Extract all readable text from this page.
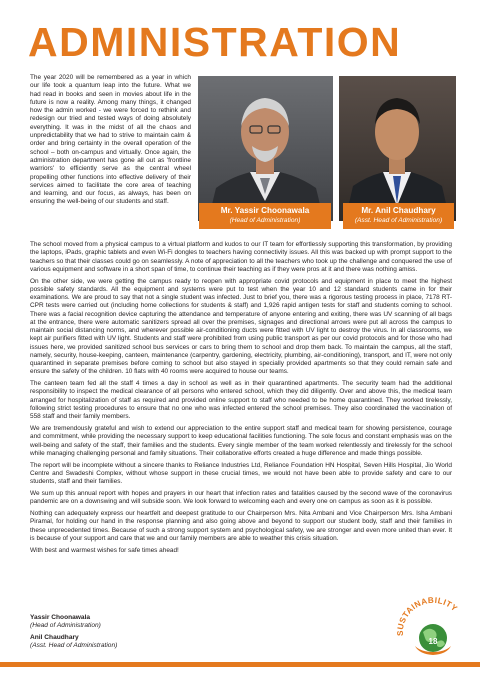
ADMINISTRATION
The year 2020 will be remembered as a year in which our life took a quantum leap into the future. What we had read in books and seen in movies about life in the future is now a reality. Among many things, it changed how the admin worked - we were forced to rethink and redesign our tried and tested ways of doing absolutely everything. It was in the midst of all the chaos and unpredictability that we had to strive to maintain calm & order and bring certainty in the overall operation of the school – both on-campus and virtually. Once again, the administration department has gone all out as 'frontline warriors' to efficiently serve as the central wheel propelling other functions into effective delivery of their services aimed to facilitate the core area of teaching and learning, and our focus, as always, has been on ensuring the well-being of our students and staff.
Mr. Yassir Choonawala
(Head of Administration)
Mr. Anil Chaudhary
(Asst. Head of Administration)

The school moved from a physical campus to a virtual platform and kudos to our IT team for effortlessly supporting this transformation, by providing the laptops, iPads, graphic tablets and even Wi-Fi dongles to teachers having connectivity issues. All this was backed up with prompt support to the teachers so that their classes could go on seamlessly. A note of appreciation to all the teachers who took up the challenge and conquered the use of various equipment and software in a short span of time, to continue their teaching as if they were pros at it and there was nothing amiss.

On the other side, we were getting the campus ready to reopen with appropriate covid protocols and equipment in place to meet the highest possible safety standards. All the equipment and systems were put to test when the year 10 and 12 standard students came in for their examinations. We are proud to say that not a single student was infected. Just to brief you, there was a rigorous testing process in place, 7178 RT-CPR tests were carried out (including home collections for students & staff) and 1,926 rapid antigen tests for staff and students coming to school. There was a facial recognition device capturing the attendance and temperature of anyone entering and exiting, there was UV scanning of all bags at the entrance, there were automatic sanitizers spread all over the premises, signages and directional arrows were put all across the campus to maintain social distancing norms, and wherever possible air-conditioning ducts were fitted with UV light to destroy the virus. In all classrooms, we kept air purifiers fitted with UV light. Students and staff were prohibited from using public transport as per our covid protocols and for those who had issues here, we provided sanitized school bus services or cars to bring them to school and drop them back. To maintain the campus, all the staff, namely, security, house-keeping, canteen, maintenance (carpentry, gardening, electricity, plumbing, air-conditioning), transport, and IT, were not only quarantined in separate premises before coming to school but also stayed in specially provided apartments so that they could remain safe and ensure the safety of the children. 10 flats with 40 rooms were acquired to house our teams.

The canteen team fed all the staff 4 times a day in school as well as in their quarantined apartments. The security team had the additional responsibility to inspect the medical clearance of all persons who entered school, which they did diligently. Over and above this, the medical team arranged for hospitalization of staff as required and provided online support to staff who needed to be home quarantined. They worked tirelessly, following strict testing procedures to ensure that no one who was infected entered the school premises. They also coordinated the vaccination of 558 staff and their family members.

We are tremendously grateful and wish to extend our appreciation to the entire support staff and medical team for showing persistence, courage and commitment, while providing the necessary support to keep educational facilities functioning. The sole focus and constant emphasis was on the well-being and safety of the staff, their families and the students. Every single member of the team worked relentlessly and tirelessly for the school while managing challenging personal and family situations. Their collaborative efforts created a huge difference and made things possible.

The report will be incomplete without a sincere thanks to Reliance Industries Ltd, Reliance Foundation HN Hospital, Seven Hills Hospital, Jio World Centre and Swadeshi Complex, without whose support in these crucial times, we would not have been able to provide safety and care to our students, staff and their families.

We sum up this annual report with hopes and prayers in our heart that infection rates and fatalities caused by the second wave of the coronavirus pandemic are on a downswing and will subside soon. We look forward to welcoming each and every one on campus as soon as it is possible.

Nothing can adequately express our heartfelt and deepest gratitude to our Chairperson Mrs. Nita Ambani and Vice Chairperson Mrs. Isha Ambani Piramal, for holding our hand in the response planning and also going above and beyond to support our student body, staff and their families in these unprecedented times. Because of such a strong support system and psychological safety, we are stronger and even more united than ever. It is because of your support and care that we and our family members are able to weather this crisis situation.

With best and warmest wishes for safe times ahead!

Yassir Choonawala
(Head of Administration)
Anil Chaudhary
(Asst. Head of Administration)
SUSTAINABILITY
18
